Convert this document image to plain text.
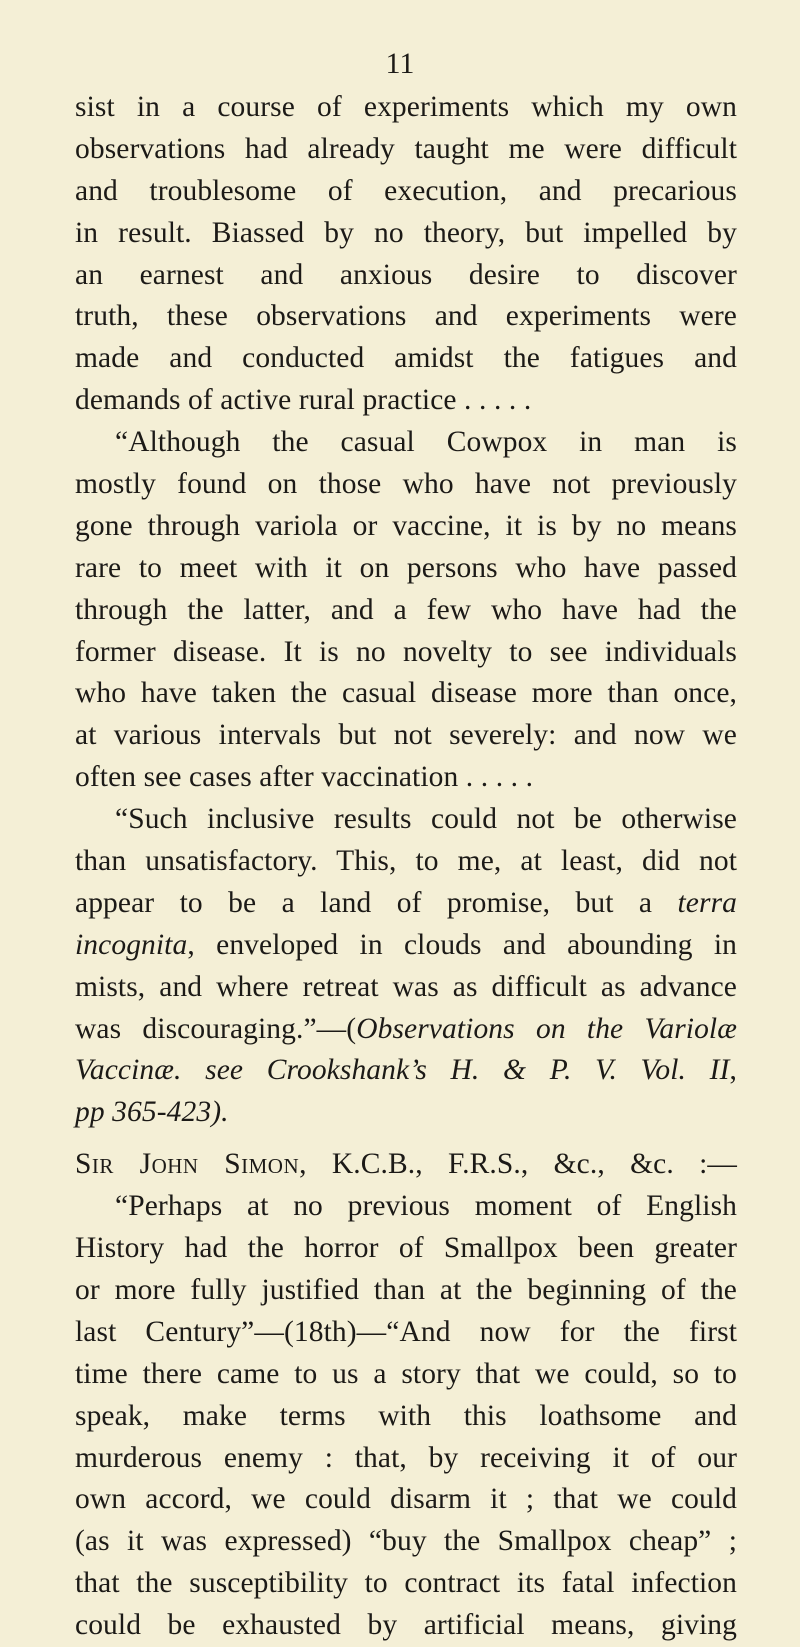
11
sist in a course of experiments which my own
observations had already taught me were difficult
and troublesome of execution, and precarious
in result. Biassed by no theory, but impelled by
an earnest and anxious desire to discover
truth, these observations and experiments were
made and conducted amidst the fatigues and
demands of active rural practice . . . . .
“Although the casual Cowpox in man is
mostly found on those who have not previously
gone through variola or vaccine, it is by no means
rare to meet with it on persons who have passed
through the latter, and a few who have had the
former disease. It is no novelty to see individuals
who have taken the casual disease more than once,
at various intervals but not severely: and now we
often see cases after vaccination . . . . .
“Such inclusive results could not be otherwise
than unsatisfactory. This, to me, at least, did not
appear to be a land of promise, but a terra
incognita, enveloped in clouds and abounding in
mists, and where retreat was as difficult as advance
was discouraging.”—(Observations on the Variolæ
Vaccinæ. see Crookshank’s H. & P. V. Vol. II,
pp 365-423).
Sir John Simon, K.C.B., F.R.S., &c., &c. :—
“Perhaps at no previous moment of English
History had the horror of Smallpox been greater
or more fully justified than at the beginning of the
last Century”—(18th)—“And now for the first
time there came to us a story that we could, so to
speak, make terms with this loathsome and
murderous enemy : that, by receiving it of our
own accord, we could disarm it ; that we could
(as it was expressed) “buy the Smallpox cheap” ;
that the susceptibility to contract its fatal infection
could be exhausted by artificial means, giving
